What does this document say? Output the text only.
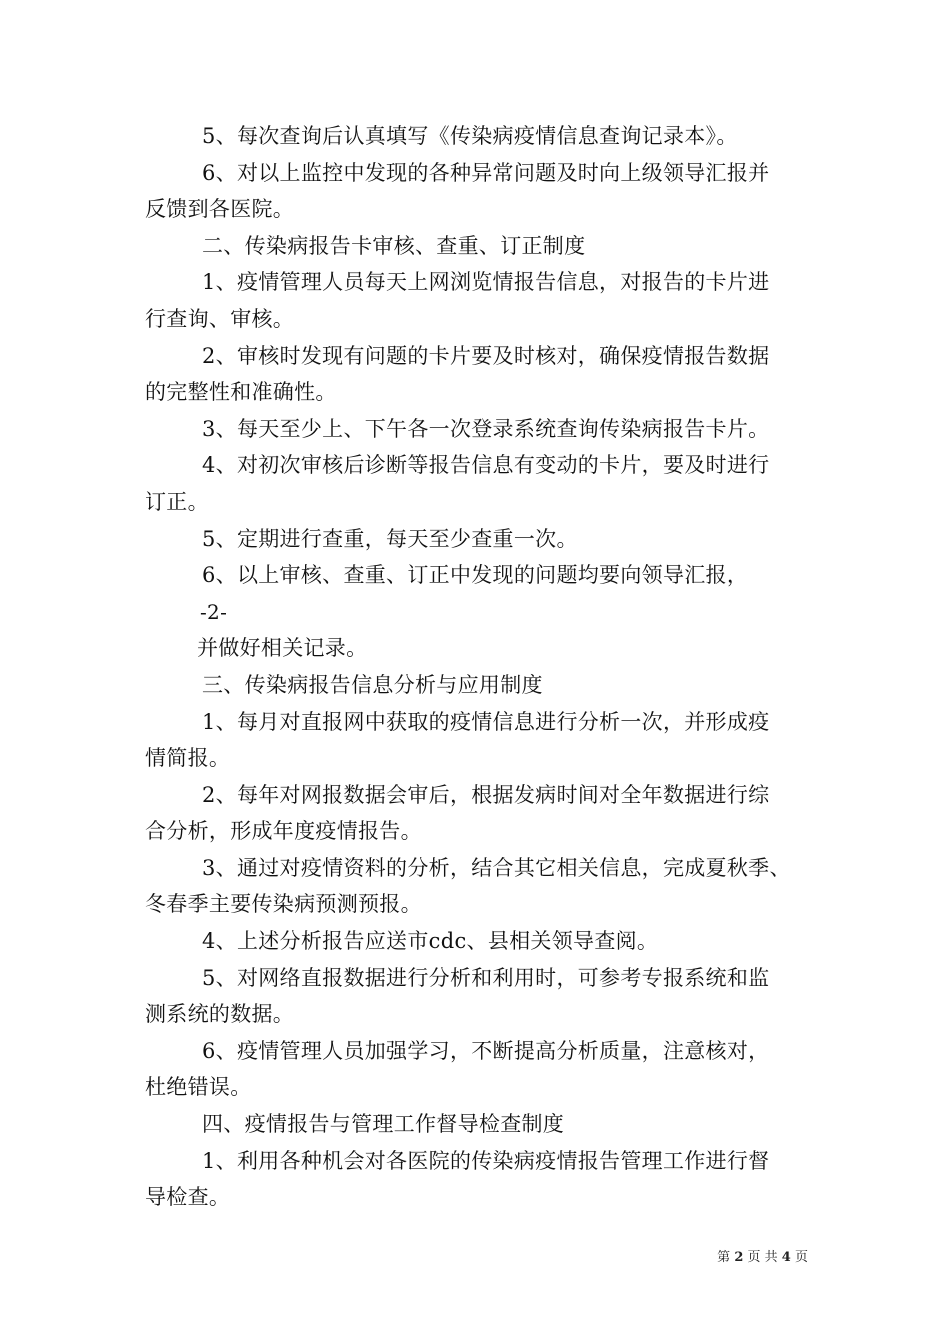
5、每次查询后认真填写《传染病疫情信息查询记录本》。
6、对以上监控中发现的各种异常问题及时向上级领导汇报并
反馈到各医院。
二、传染病报告卡审核、查重、订正制度
1、疫情管理人员每天上网浏览情报告信息，对报告的卡片进
行查询、审核。
2、审核时发现有问题的卡片要及时核对，确保疫情报告数据
的完整性和准确性。
3、每天至少上、下午各一次登录系统查询传染病报告卡片。
4、对初次审核后诊断等报告信息有变动的卡片，要及时进行
订正。
5、定期进行查重，每天至少查重一次。
6、以上审核、查重、订正中发现的问题均要向领导汇报，
-2-
并做好相关记录。
三、传染病报告信息分析与应用制度
1、每月对直报网中获取的疫情信息进行分析一次，并形成疫
情简报。
2、每年对网报数据会审后，根据发病时间对全年数据进行综
合分析，形成年度疫情报告。
3、通过对疫情资料的分析，结合其它相关信息，完成夏秋季、
冬春季主要传染病预测预报。
4、上述分析报告应送市cdc、县相关领导查阅。
5、对网络直报数据进行分析和利用时，可参考专报系统和监
测系统的数据。
6、疫情管理人员加强学习，不断提高分析质量，注意核对，
杜绝错误。
四、疫情报告与管理工作督导检查制度
1、利用各种机会对各医院的传染病疫情报告管理工作进行督
导检查。
第 2 页 共 4 页
